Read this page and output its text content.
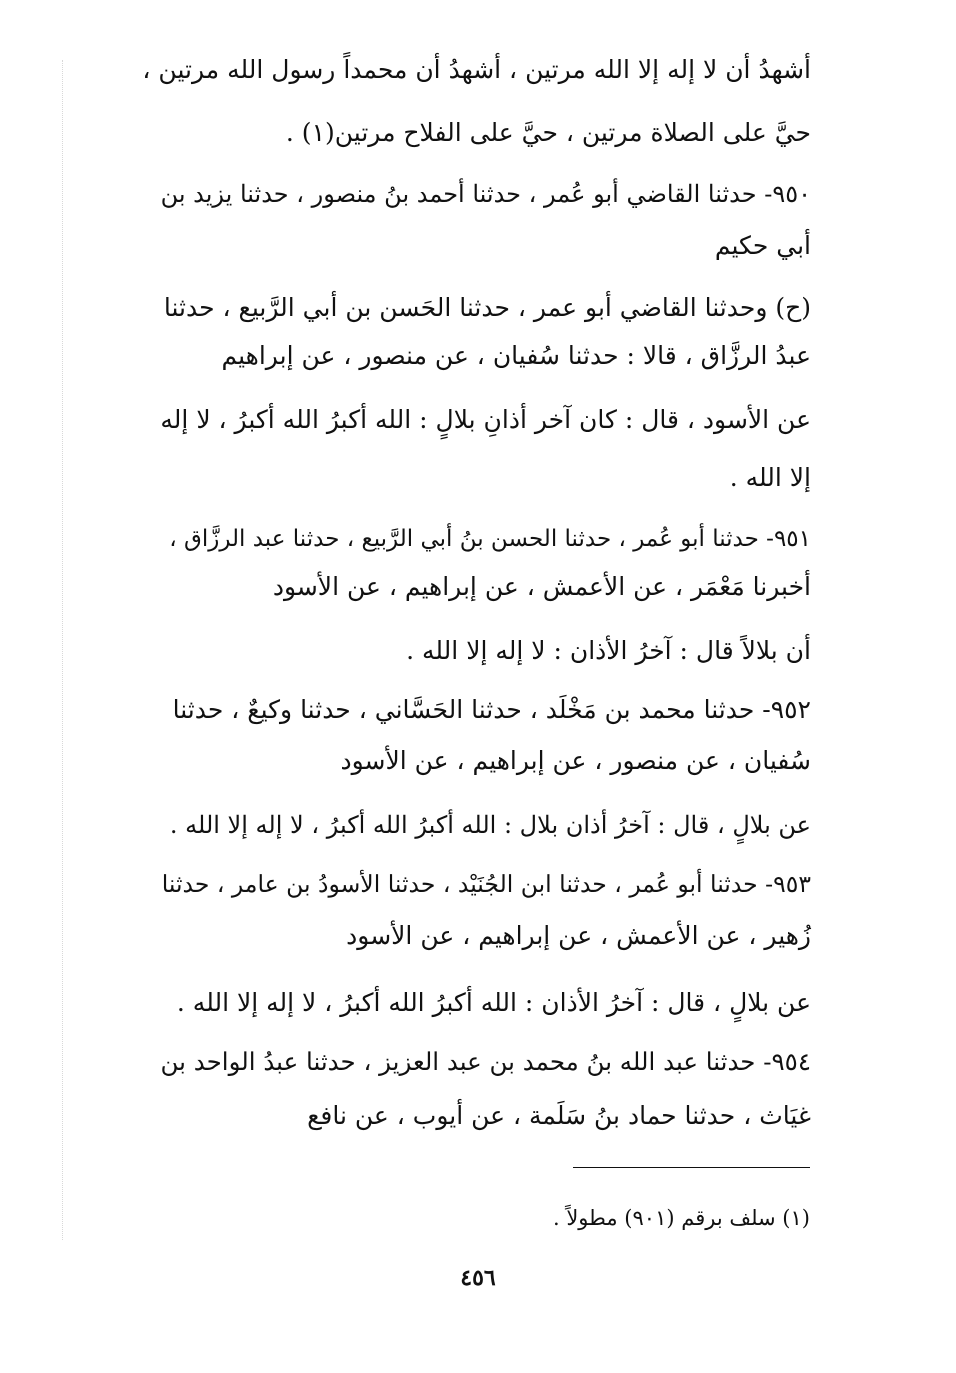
أشهدُ أن لا إله إلا الله مرتين ، أشهدُ أن محمداً رسول الله مرتين ،
حيَّ على الصلاة مرتين ، حيَّ على الفلاح مرتين(١) .
٩٥٠- حدثنا القاضي أبو عُمر ، حدثنا أحمد بنُ منصور ، حدثنا يزيد بن
أبي حكيم
(ح) وحدثنا القاضي أبو عمر ، حدثنا الحَسن بن أبي الرَّبيع ، حدثنا
عبدُ الرزَّاق ، قالا : حدثنا سُفيان ، عن منصور ، عن إبراهيم
عن الأسود ، قال : كان آخر أذانِ بلالٍ : الله أكبرُ الله أكبرُ ، لا إله
إلا الله .
٩٥١- حدثنا أبو عُمر ، حدثنا الحسن بنُ أبي الرَّبيع ، حدثنا عبد الرزَّاق ،
أخبرنا مَعْمَر ، عن الأعمش ، عن إبراهيم ، عن الأسود
أن بلالاً قال : آخرُ الأذان : لا إله إلا الله .
٩٥٢- حدثنا محمد بن مَخْلَد ، حدثنا الحَسَّاني ، حدثنا وكيعٌ ، حدثنا
سُفيان ، عن منصور ، عن إبراهيم ، عن الأسود
عن بلالٍ ، قال : آخرُ أذان بلال : الله أكبرُ الله أكبرُ ، لا إله إلا الله .
٩٥٣- حدثنا أبو عُمر ، حدثنا ابن الجُنَيْد ، حدثنا الأسودُ بن عامر ، حدثنا
زُهير ، عن الأعمش ، عن إبراهيم ، عن الأسود
عن بلالٍ ، قال : آخرُ الأذان : الله أكبرُ الله أكبرُ ، لا إله إلا الله .
٩٥٤- حدثنا عبد الله بنُ محمد بن عبد العزيز ، حدثنا عبدُ الواحد بن
غيَاث ، حدثنا حماد بنُ سَلَمة ، عن أيوب ، عن نافع
(١) سلف برقم (٩٠١) مطولاً .
٤٥٦
